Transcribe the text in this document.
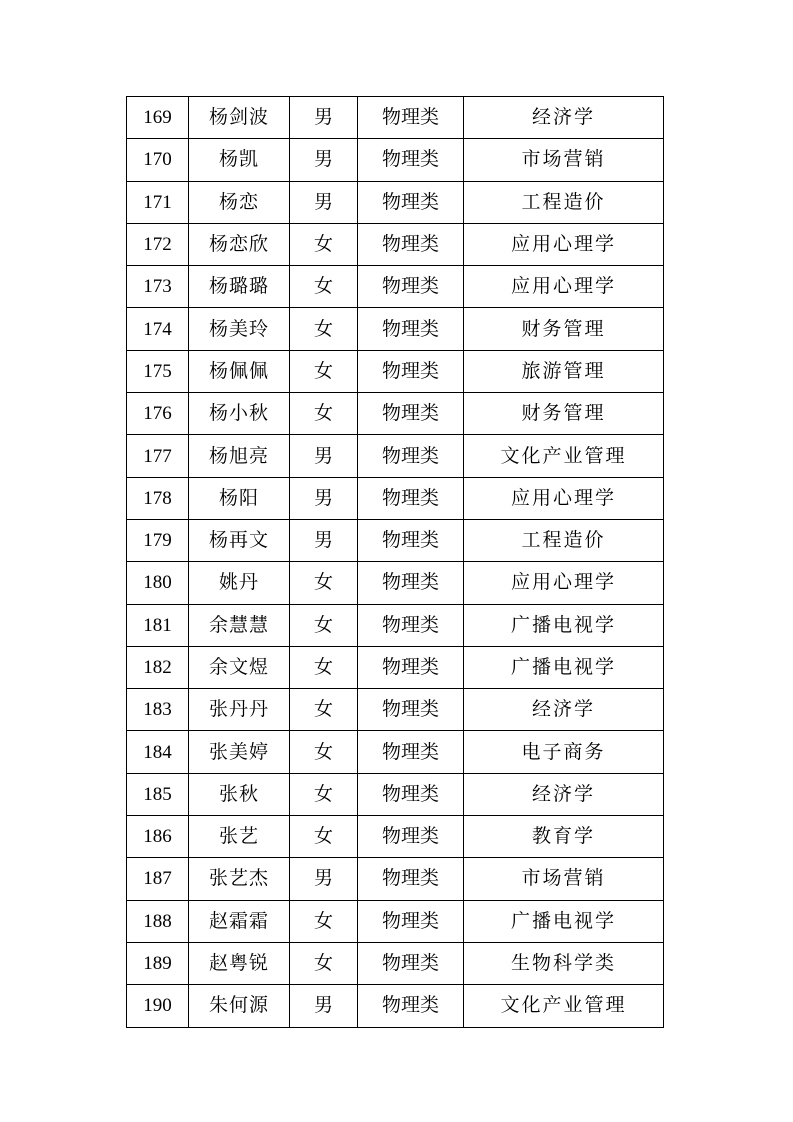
169	杨剑波	男	物理类	经济学
170	杨凯	男	物理类	市场营销
171	杨恋	男	物理类	工程造价
172	杨恋欣	女	物理类	应用心理学
173	杨璐璐	女	物理类	应用心理学
174	杨美玲	女	物理类	财务管理
175	杨佩佩	女	物理类	旅游管理
176	杨小秋	女	物理类	财务管理
177	杨旭亮	男	物理类	文化产业管理
178	杨阳	男	物理类	应用心理学
179	杨再文	男	物理类	工程造价
180	姚丹	女	物理类	应用心理学
181	余慧慧	女	物理类	广播电视学
182	余文煜	女	物理类	广播电视学
183	张丹丹	女	物理类	经济学
184	张美婷	女	物理类	电子商务
185	张秋	女	物理类	经济学
186	张艺	女	物理类	教育学
187	张艺杰	男	物理类	市场营销
188	赵霜霜	女	物理类	广播电视学
189	赵粤锐	女	物理类	生物科学类
190	朱何源	男	物理类	文化产业管理
